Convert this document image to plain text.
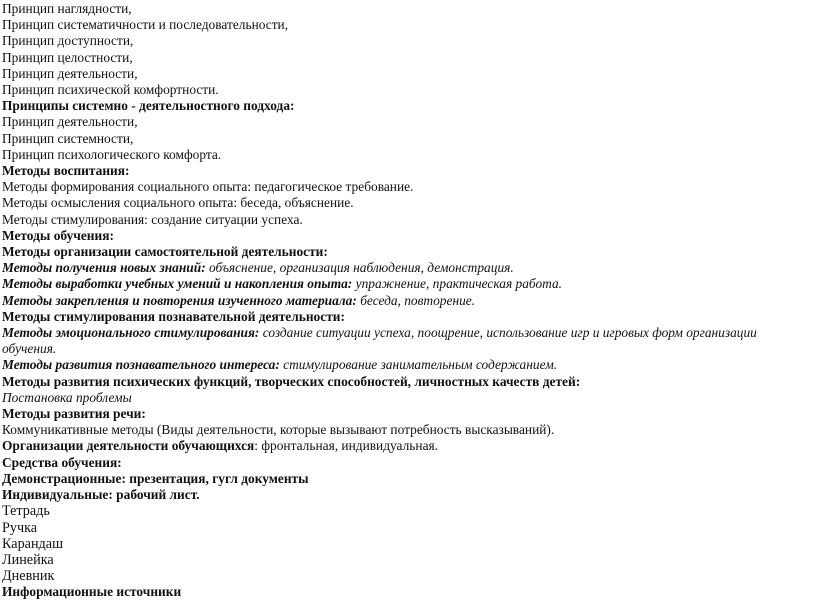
Принцип наглядности,
Принцип систематичности и последовательности,
Принцип доступности,
Принцип целостности,
Принцип деятельности,
Принцип психической комфортности.
Принципы системно - деятельностного подхода:
Принцип деятельности,
Принцип системности,
Принцип психологического комфорта.
Методы воспитания:
Методы формирования социального опыта: педагогическое требование.
Методы осмысления социального опыта: беседа, объяснение.
Методы стимулирования: создание ситуации успеха.
Методы обучения:
Методы организации самостоятельной деятельности:
Методы получения новых знаний: объяснение, организация наблюдения, демонстрация.
Методы выработки учебных умений и накопления опыта: упражнение, практическая работа.
Методы закрепления и повторения изученного материала: беседа, повторение.
Методы стимулирования познавательной деятельности:
Методы эмоционального стимулирования: создание ситуации успеха, поощрение, использование игр и игровых форм организации обучения.
Методы развития познавательного интереса: стимулирование занимательным содержанием.
Методы развития психических функций, творческих способностей, личностных качеств детей:
Постановка проблемы
Методы развития речи:
Коммуникативные методы (Виды деятельности, которые вызывают потребность высказываний).
Организации деятельности обучающихся: фронтальная, индивидуальная.
Средства обучения:
Демонстрационные: презентация, гугл документы
Индивидуальные: рабочий лист.
Тетрадь
Ручка
Карандаш
Линейка
Дневник
Информационные источники
